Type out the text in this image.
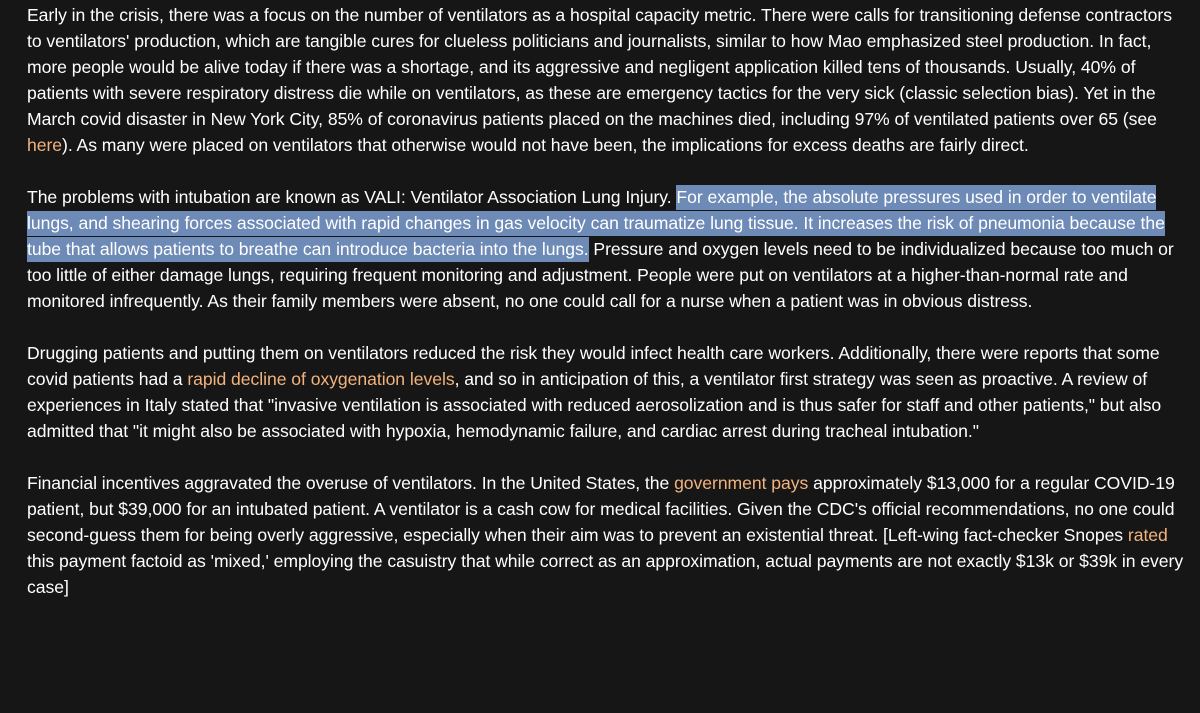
Early in the crisis, there was a focus on the number of ventilators as a hospital capacity metric. There were calls for transitioning defense contractors to ventilators' production, which are tangible cures for clueless politicians and journalists, similar to how Mao emphasized steel production. In fact, more people would be alive today if there was a shortage, and its aggressive and negligent application killed tens of thousands. Usually, 40% of patients with severe respiratory distress die while on ventilators, as these are emergency tactics for the very sick (classic selection bias). Yet in the March covid disaster in New York City, 85% of coronavirus patients placed on the machines died, including 97% of ventilated patients over 65 (see here). As many were placed on ventilators that otherwise would not have been, the implications for excess deaths are fairly direct.

The problems with intubation are known as VALI: Ventilator Association Lung Injury. For example, the absolute pressures used in order to ventilate lungs, and shearing forces associated with rapid changes in gas velocity can traumatize lung tissue. It increases the risk of pneumonia because the tube that allows patients to breathe can introduce bacteria into the lungs. Pressure and oxygen levels need to be individualized because too much or too little of either damage lungs, requiring frequent monitoring and adjustment. People were put on ventilators at a higher-than-normal rate and monitored infrequently. As their family members were absent, no one could call for a nurse when a patient was in obvious distress.

Drugging patients and putting them on ventilators reduced the risk they would infect health care workers. Additionally, there were reports that some covid patients had a rapid decline of oxygenation levels, and so in anticipation of this, a ventilator first strategy was seen as proactive. A review of experiences in Italy stated that "invasive ventilation is associated with reduced aerosolization and is thus safer for staff and other patients," but also admitted that "it might also be associated with hypoxia, hemodynamic failure, and cardiac arrest during tracheal intubation."

Financial incentives aggravated the overuse of ventilators. In the United States, the government pays approximately $13,000 for a regular COVID-19 patient, but $39,000 for an intubated patient. A ventilator is a cash cow for medical facilities. Given the CDC's official recommendations, no one could second-guess them for being overly aggressive, especially when their aim was to prevent an existential threat. [Left-wing fact-checker Snopes rated this payment factoid as 'mixed,' employing the casuistry that while correct as an approximation, actual payments are not exactly $13k or $39k in every case]
